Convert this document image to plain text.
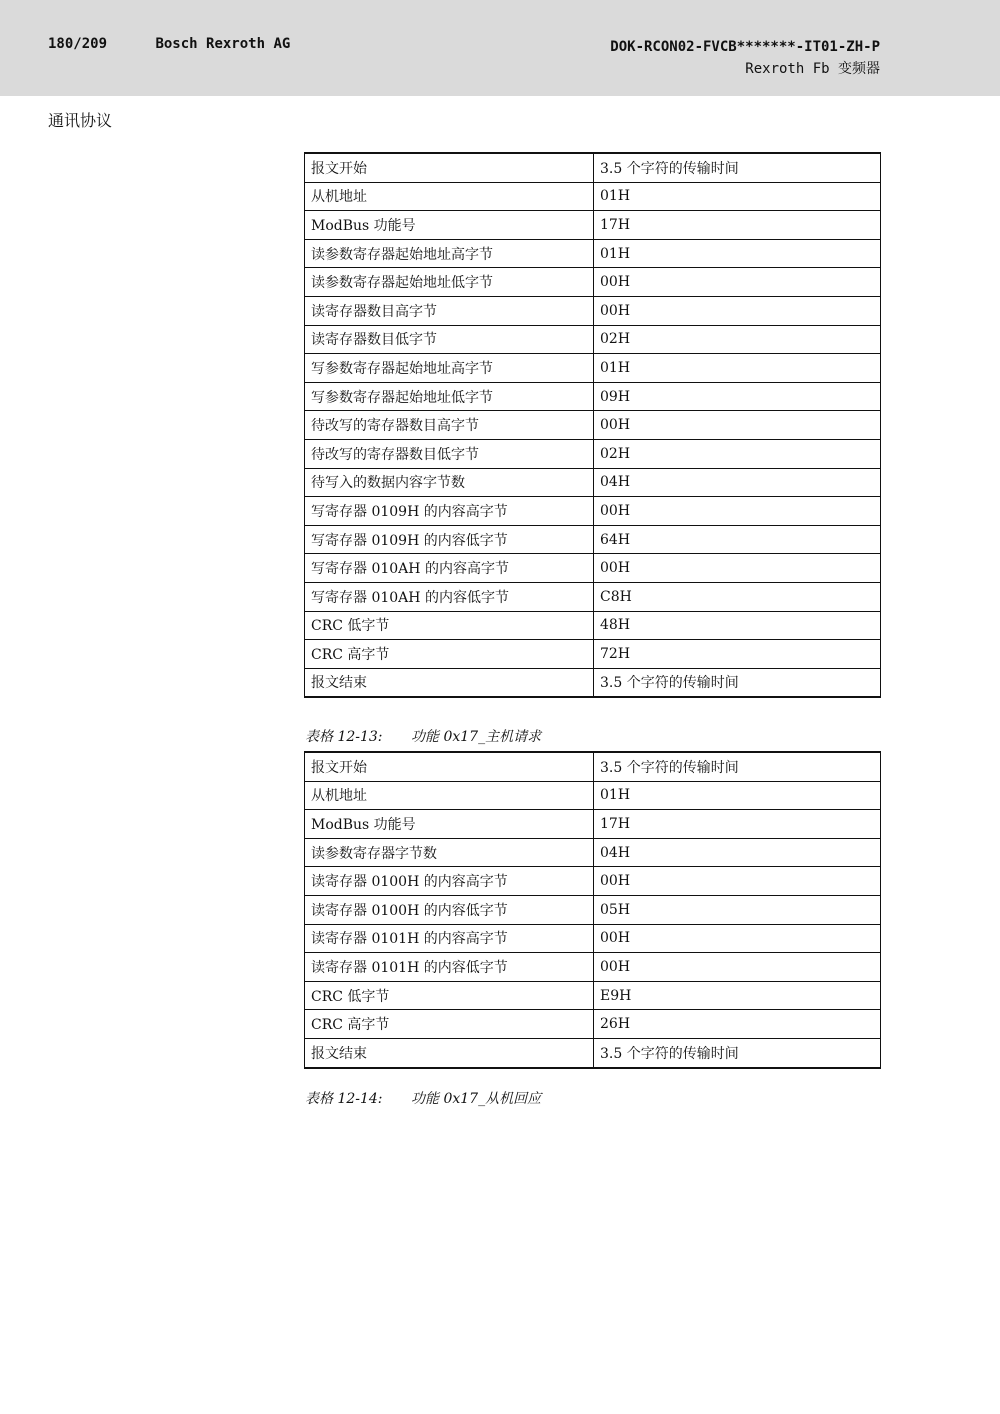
180/209	Bosch Rexroth AG	DOK-RCON02-FVCB*******-IT01-ZH-P
Rexroth Fb 变频器
通讯协议
报文开始	3.5 个字符的传输时间
从机地址	01H
ModBus 功能号	17H
读参数寄存器起始地址高字节	01H
读参数寄存器起始地址低字节	00H
读寄存器数目高字节	00H
读寄存器数目低字节	02H
写参数寄存器起始地址高字节	01H
写参数寄存器起始地址低字节	09H
待改写的寄存器数目高字节	00H
待改写的寄存器数目低字节	02H
待写入的数据内容字节数	04H
写寄存器 0109H 的内容高字节	00H
写寄存器 0109H 的内容低字节	64H
写寄存器 010AH 的内容高字节	00H
写寄存器 010AH 的内容低字节	C8H
CRC 低字节	48H
CRC 高字节	72H
报文结束	3.5 个字符的传输时间
表格 12-13: 功能 0x17_主机请求
报文开始	3.5 个字符的传输时间
从机地址	01H
ModBus 功能号	17H
读参数寄存器字节数	04H
读寄存器 0100H 的内容高字节	00H
读寄存器 0100H 的内容低字节	05H
读寄存器 0101H 的内容高字节	00H
读寄存器 0101H 的内容低字节	00H
CRC 低字节	E9H
CRC 高字节	26H
报文结束	3.5 个字符的传输时间
表格 12-14: 功能 0x17_从机回应
